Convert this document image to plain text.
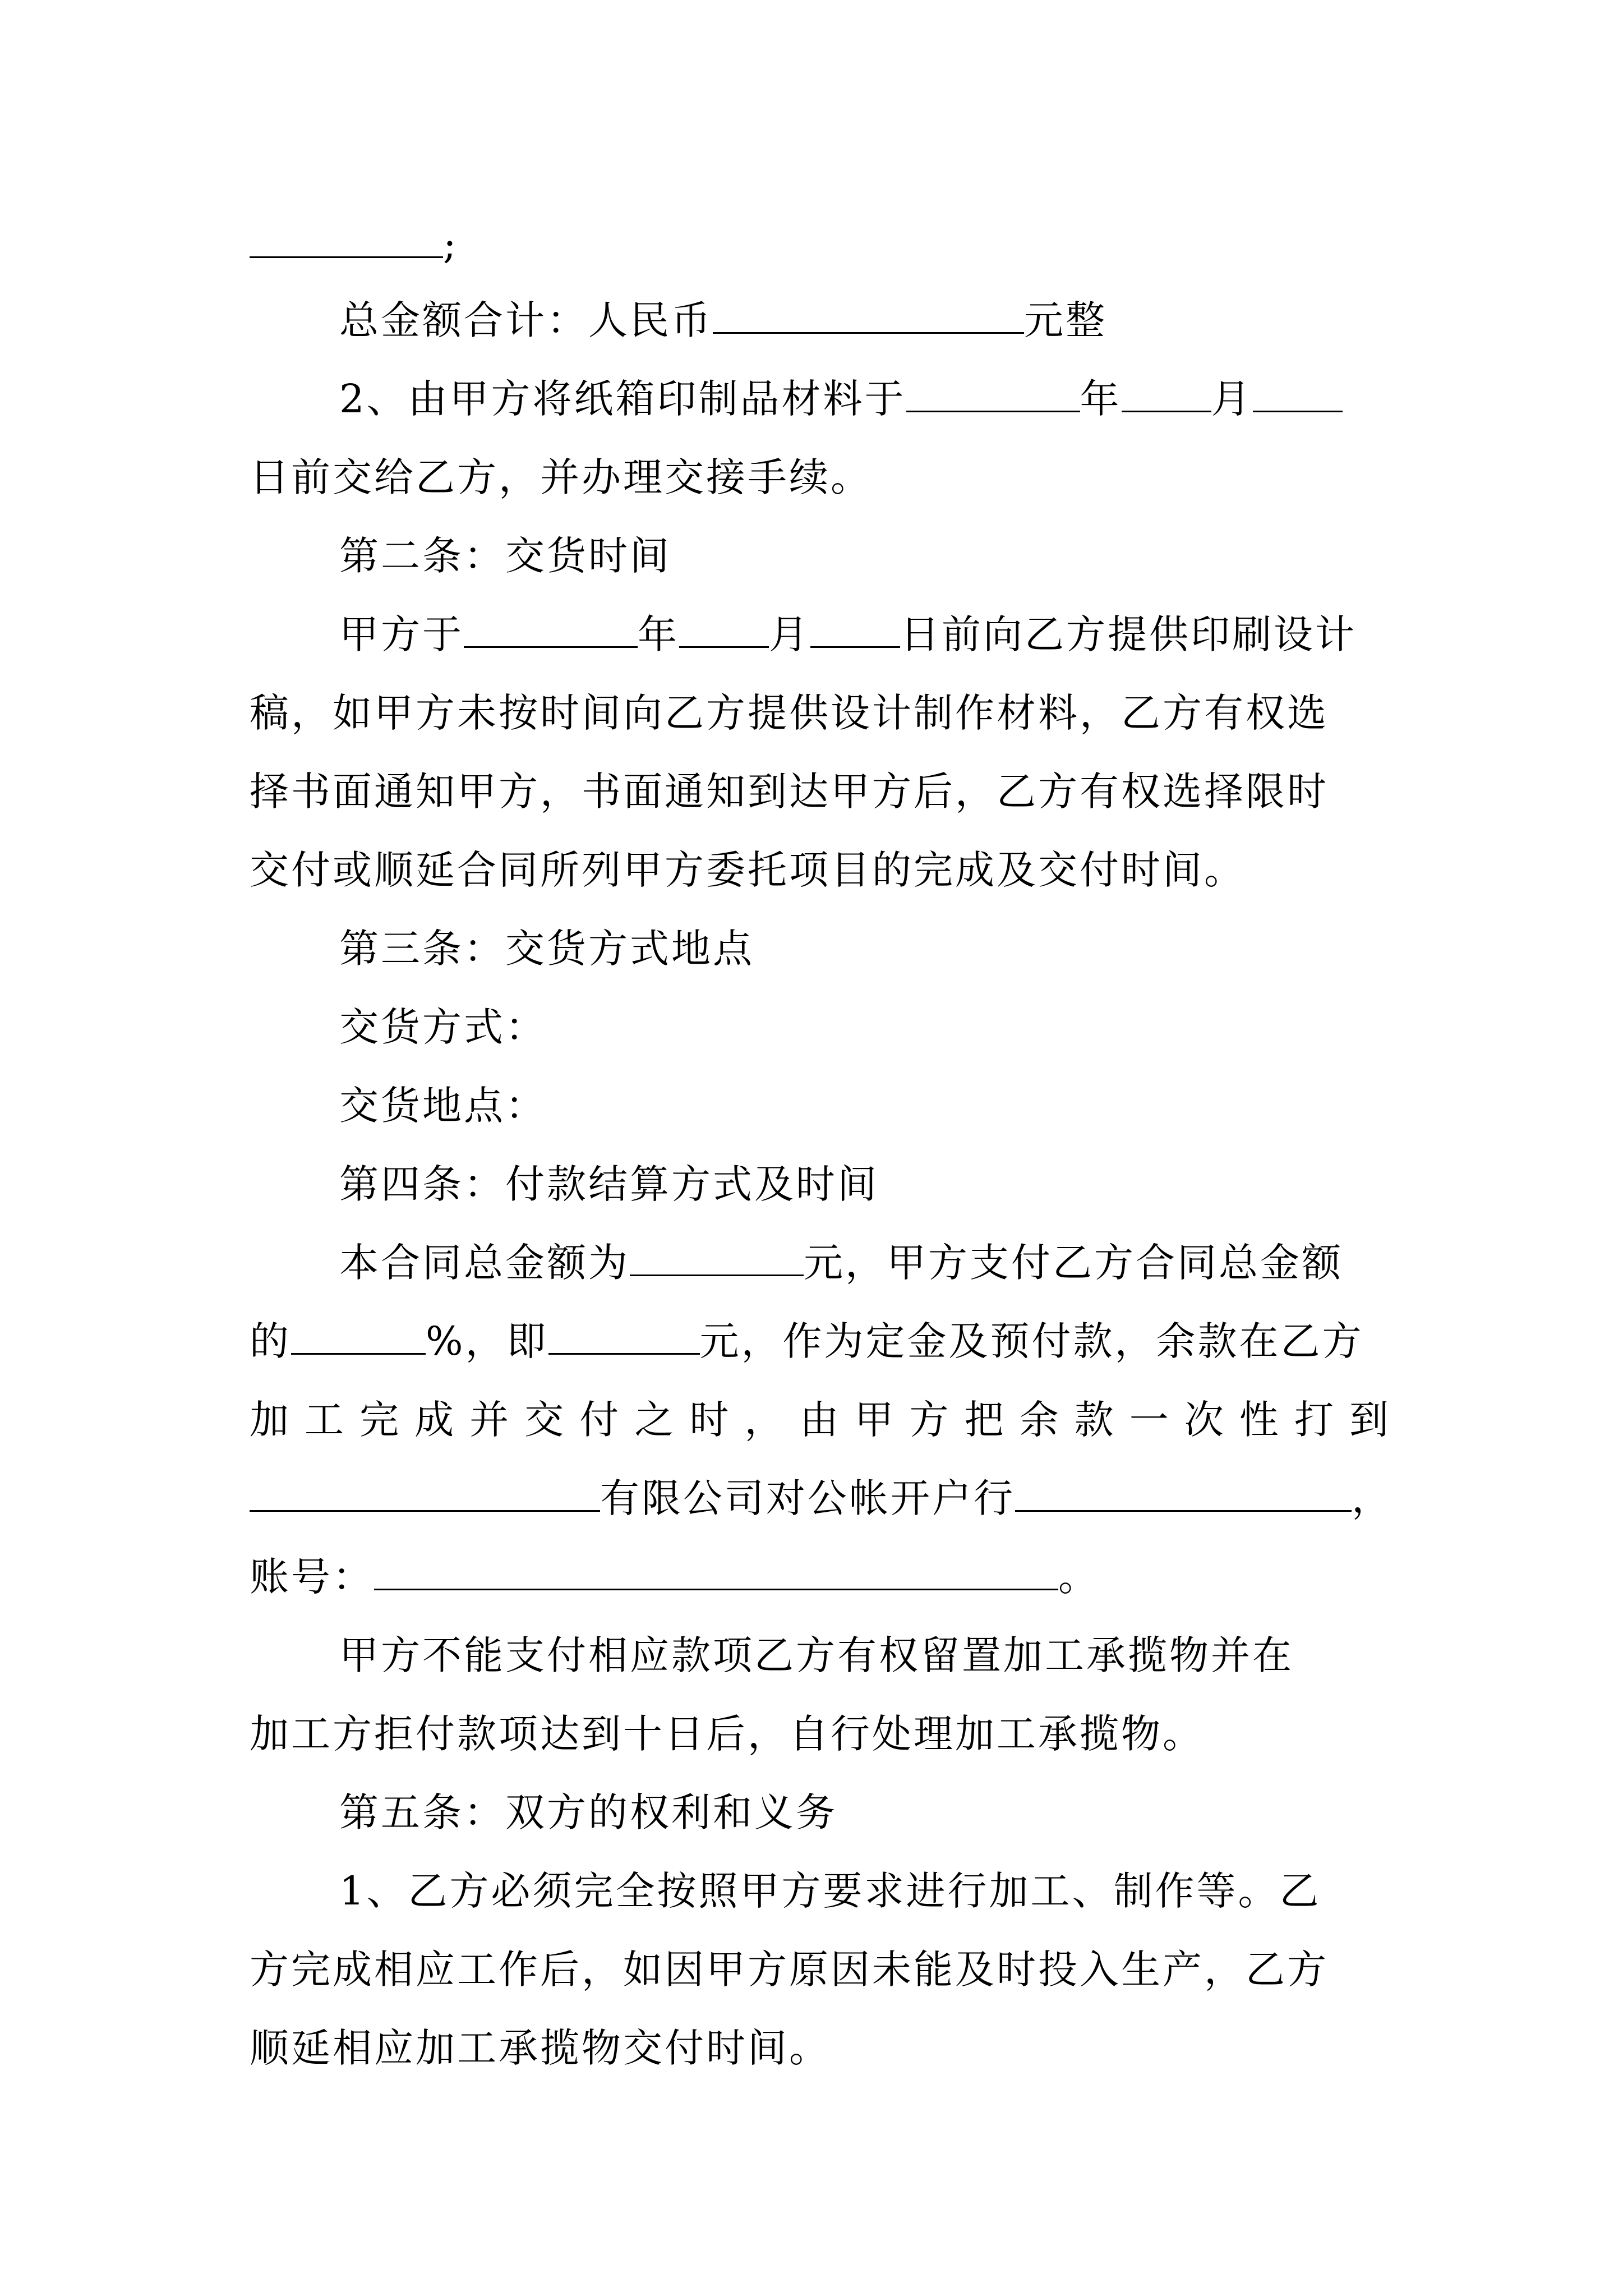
;
总金额合计：人民币	元整
2、由甲方将纸箱印制品材料于	年 月
日前交给乙方，并办理交接手续。
第二条：交货时间
甲方于	年 月 日前向乙方提供印刷设计
稿，如甲方未按时间向乙方提供设计制作材料，乙方有权选
择书面通知甲方，书面通知到达甲方后，乙方有权选择限时
交付或顺延合同所列甲方委托项目的完成及交付时间。
第三条：交货方式地点
交货方式：
交货地点：
第四条：付款结算方式及时间
本合同总金额为	元，甲方支付乙方合同总金额
的	%，即	元，作为定金及预付款，余款在乙方
加 工 完 成 并 交 付 之 时 ， 由 甲 方 把 余 款 一 次 性 打 到
有限公司对公帐开户行	，
账号：	。
甲方不能支付相应款项乙方有权留置加工承揽物并在
加工方拒付款项达到十日后，自行处理加工承揽物。
第五条：双方的权利和义务
1、乙方必须完全按照甲方要求进行加工、制作等。乙
方完成相应工作后，如因甲方原因未能及时投入生产，乙方
顺延相应加工承揽物交付时间。
